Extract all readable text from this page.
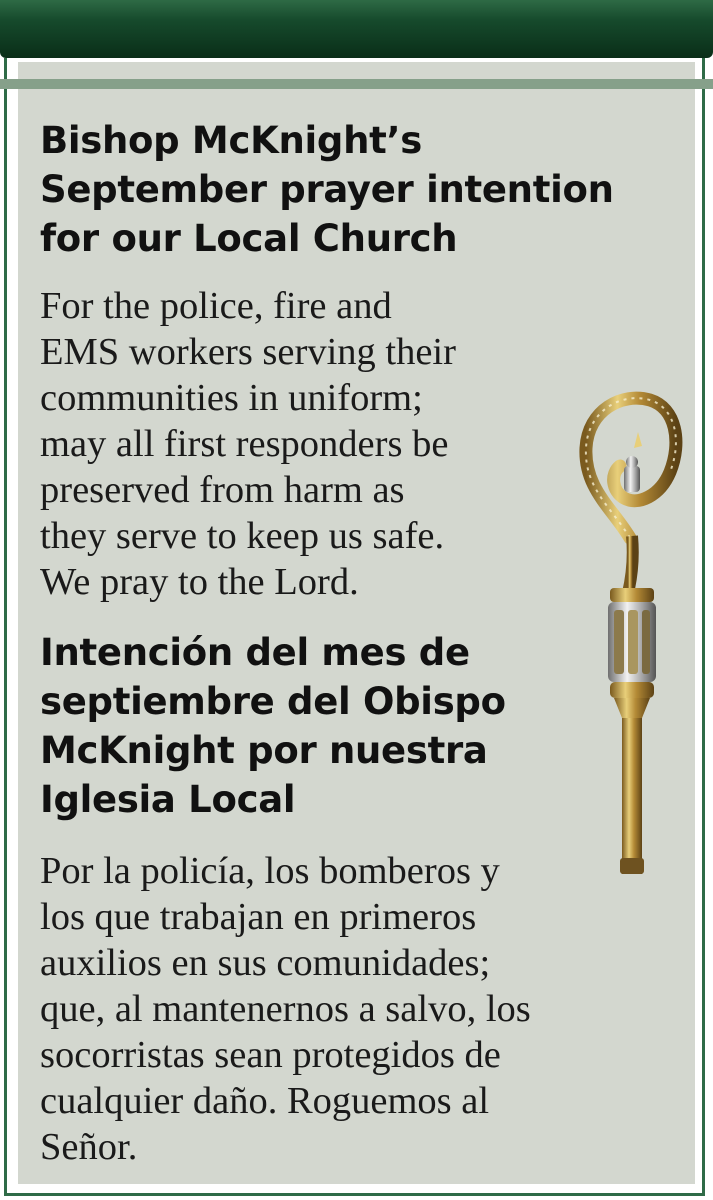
Bishop McKnight’s
September prayer intention
for our Local Church

For the police, fire and
EMS workers serving their
communities in uniform;
may all first responders be
preserved from harm as
they serve to keep us safe.
We pray to the Lord.

Intención del mes de
septiembre del Obispo
McKnight por nuestra
Iglesia Local

Por la policía, los bomberos y
los que trabajan en primeros
auxilios en sus comunidades;
que, al mantenernos a salvo, los
socorristas sean protegidos de
cualquier daño. Roguemos al
Señor.
